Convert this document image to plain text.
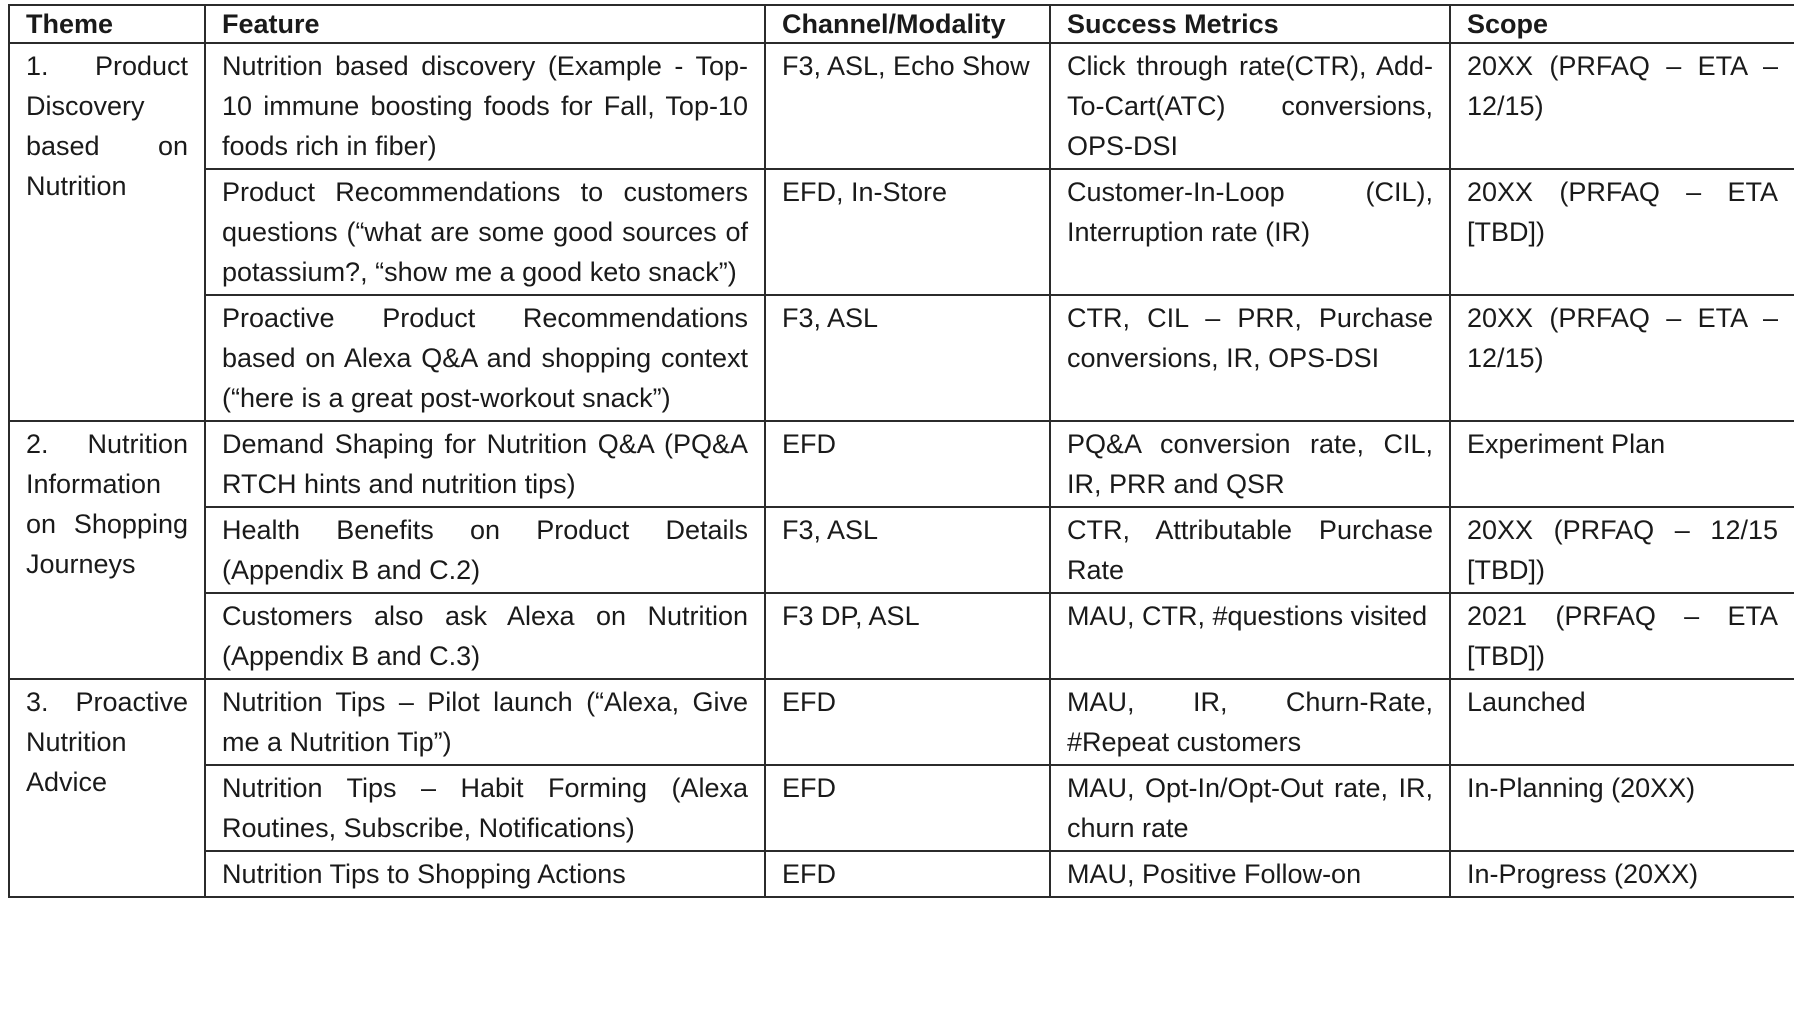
Theme	Feature	Channel/Modality	Success Metrics	Scope
1. Product Discovery based on Nutrition	Nutrition based discovery (Example - Top-10 immune boosting foods for Fall, Top-10 foods rich in fiber)	F3, ASL, Echo Show	Click through rate(CTR), Add-To-Cart(ATC) conversions, OPS-DSI	20XX (PRFAQ – ETA – 12/15)
	Product Recommendations to customers questions (“what are some good sources of potassium?, “show me a good keto snack”)	EFD, In-Store	Customer-In-Loop (CIL), Interruption rate (IR)	20XX (PRFAQ – ETA [TBD])
	Proactive Product Recommendations based on Alexa Q&A and shopping context (“here is a great post-workout snack”)	F3, ASL	CTR, CIL – PRR, Purchase conversions, IR, OPS-DSI	20XX (PRFAQ – ETA – 12/15)
2. Nutrition Information on Shopping Journeys	Demand Shaping for Nutrition Q&A (PQ&A RTCH hints and nutrition tips)	EFD	PQ&A conversion rate, CIL, IR, PRR and QSR	Experiment Plan
	Health Benefits on Product Details (Appendix B and C.2)	F3, ASL	CTR, Attributable Purchase Rate	20XX (PRFAQ – 12/15 [TBD])
	Customers also ask Alexa on Nutrition (Appendix B and C.3)	F3 DP, ASL	MAU, CTR, #questions visited	2021 (PRFAQ – ETA [TBD])
3. Proactive Nutrition Advice	Nutrition Tips – Pilot launch (“Alexa, Give me a Nutrition Tip”)	EFD	MAU, IR, Churn-Rate, #Repeat customers	Launched
	Nutrition Tips – Habit Forming (Alexa Routines, Subscribe, Notifications)	EFD	MAU, Opt-In/Opt-Out rate, IR, churn rate	In-Planning (20XX)
	Nutrition Tips to Shopping Actions	EFD	MAU, Positive Follow-on	In-Progress (20XX)
